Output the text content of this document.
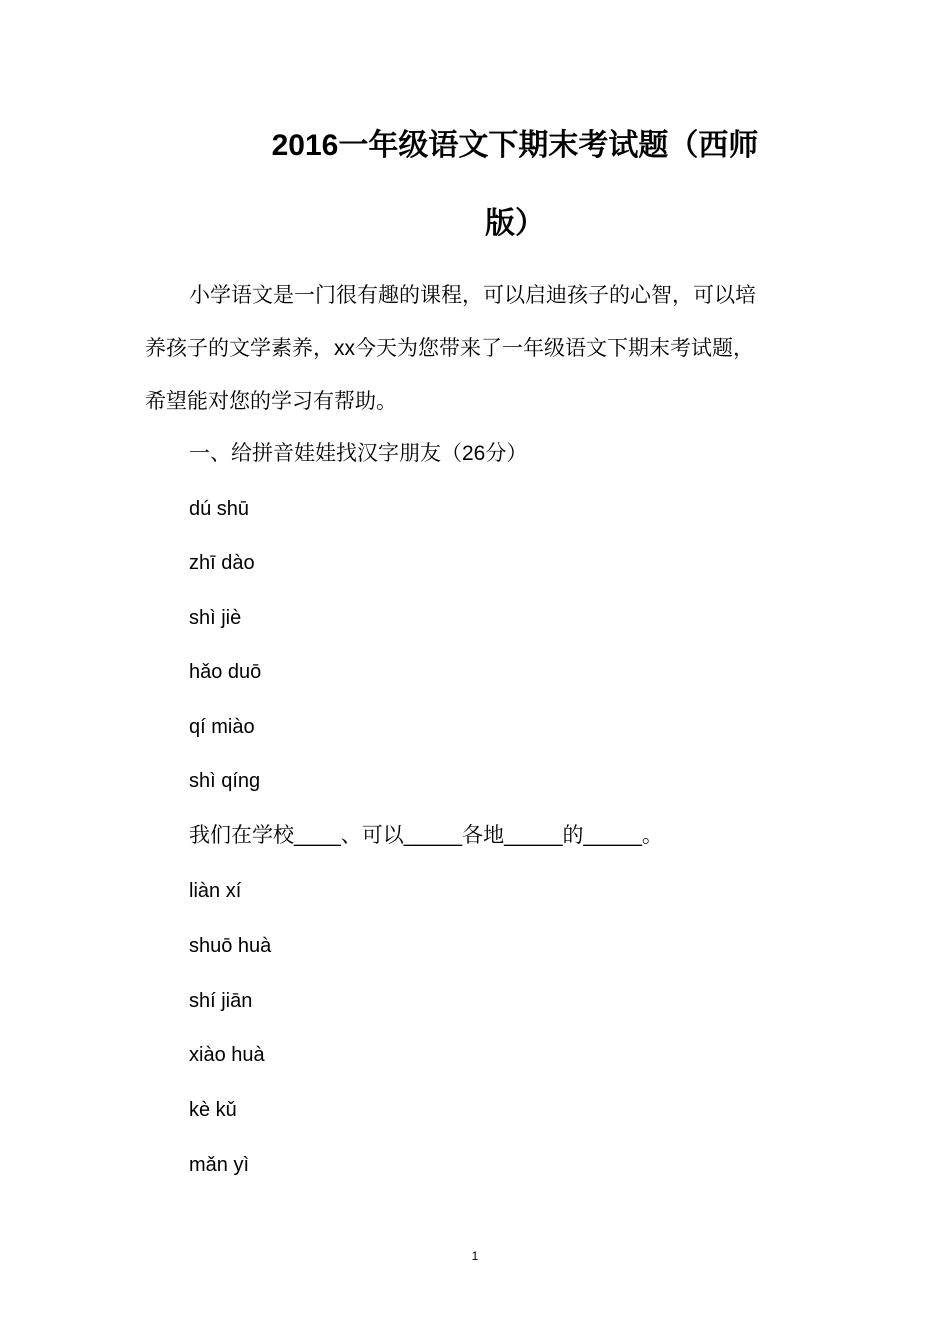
2016一年级语文下期末考试题（西师
版）
小学语文是一门很有趣的课程，可以启迪孩子的心智，可以培
养孩子的文学素养，xx今天为您带来了一年级语文下期末考试题，
希望能对您的学习有帮助。
一、给拼音娃娃找汉字朋友（26分）
dú shū
zhī dào
shì jiè
hǎo duō
qí miào
shì qíng
我们在学校____、可以_____各地_____的_____。
liàn xí
shuō huà
shí jiān
xiào huà
kè kǔ
mǎn yì
1
